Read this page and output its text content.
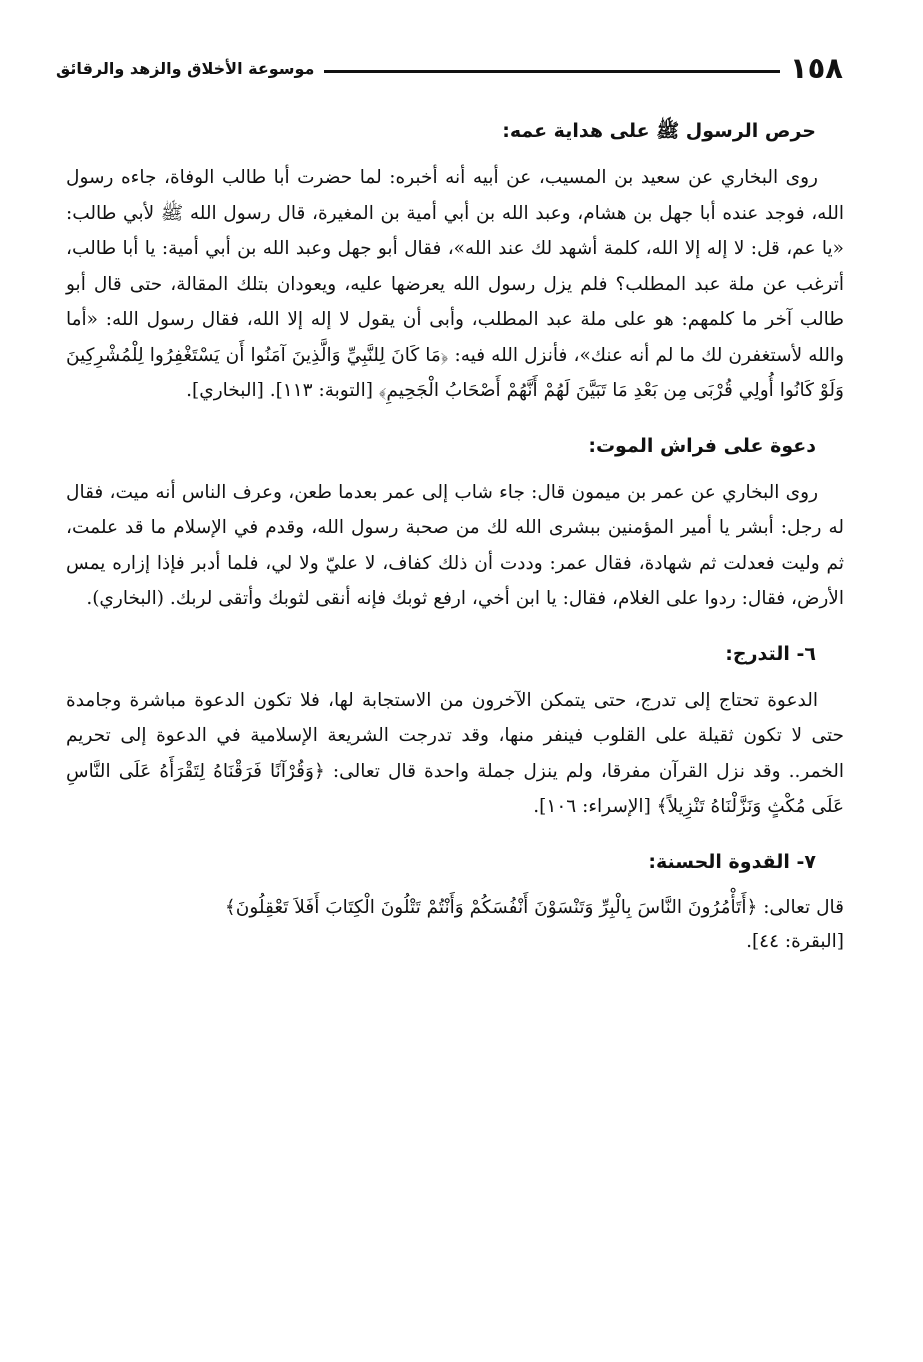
١٥٨
موسوعة الأخلاق والزهد والرقائق
حرص الرسول ﷺ على هداية عمه:

روى البخاري عن سعيد بن المسيب، عن أبيه أنه أخبره: لما حضرت أبا طالب الوفاة، جاءه رسول الله، فوجد عنده أبا جهل بن هشام، وعبد الله بن أبي أمية بن المغيرة، قال رسول الله ﷺ لأبي طالب: «يا عم، قل: لا إله إلا الله، كلمة أشهد لك عند الله»، فقال أبو جهل وعبد الله بن أبي أمية: يا أبا طالب، أترغب عن ملة عبد المطلب؟ فلم يزل رسول الله يعرضها عليه، ويعودان بتلك المقالة، حتى قال أبو طالب آخر ما كلمهم: هو على ملة عبد المطلب، وأبى أن يقول لا إله إلا الله، فقال رسول الله: «أما والله لأستغفرن لك ما لم أنه عنك»، فأنزل الله فيه: ﴿مَا كَانَ لِلنَّبِيِّ وَالَّذِينَ آمَنُوا أَن يَسْتَغْفِرُوا لِلْمُشْرِكِينَ وَلَوْ كَانُوا أُولِي قُرْبَى مِن بَعْدِ مَا تَبَيَّنَ لَهُمْ أَنَّهُمْ أَصْحَابُ الْجَحِيمِ﴾ [التوبة: ١١٣]. [البخاري].

دعوة على فراش الموت:

روى البخاري عن عمر بن ميمون قال: جاء شاب إلى عمر بعدما طعن، وعرف الناس أنه ميت، فقال له رجل: أبشر يا أمير المؤمنين ببشرى الله لك من صحبة رسول الله، وقدم في الإسلام ما قد علمت، ثم وليت فعدلت ثم شهادة، فقال عمر: وددت أن ذلك كفاف، لا عليّ ولا لي، فلما أدبر فإذا إزاره يمس الأرض، فقال: ردوا على الغلام، فقال: يا ابن أخي، ارفع ثوبك فإنه أنقى لثوبك وأتقى لربك. (البخاري).

٦- التدرج:

الدعوة تحتاج إلى تدرج، حتى يتمكن الآخرون من الاستجابة لها، فلا تكون الدعوة مباشرة وجامدة حتى لا تكون ثقيلة على القلوب فينفر منها، وقد تدرجت الشريعة الإسلامية في الدعوة إلى تحريم الخمر.. وقد نزل القرآن مفرقا، ولم ينزل جملة واحدة قال تعالى: ﴿وَقُرْآنًا فَرَقْنَاهُ لِتَقْرَأَهُ عَلَى النَّاسِ عَلَى مُكْثٍ وَنَزَّلْنَاهُ تَنْزِيلاً﴾ [الإسراء: ١٠٦].

٧- القدوة الحسنة:

قال تعالى: ﴿أَتَأْمُرُونَ النَّاسَ بِالْبِرِّ وَتَنْسَوْنَ أَنْفُسَكُمْ وَأَنْتُمْ تَتْلُونَ الْكِتَابَ أَفَلاَ تَعْقِلُونَ﴾
[البقرة: ٤٤].
